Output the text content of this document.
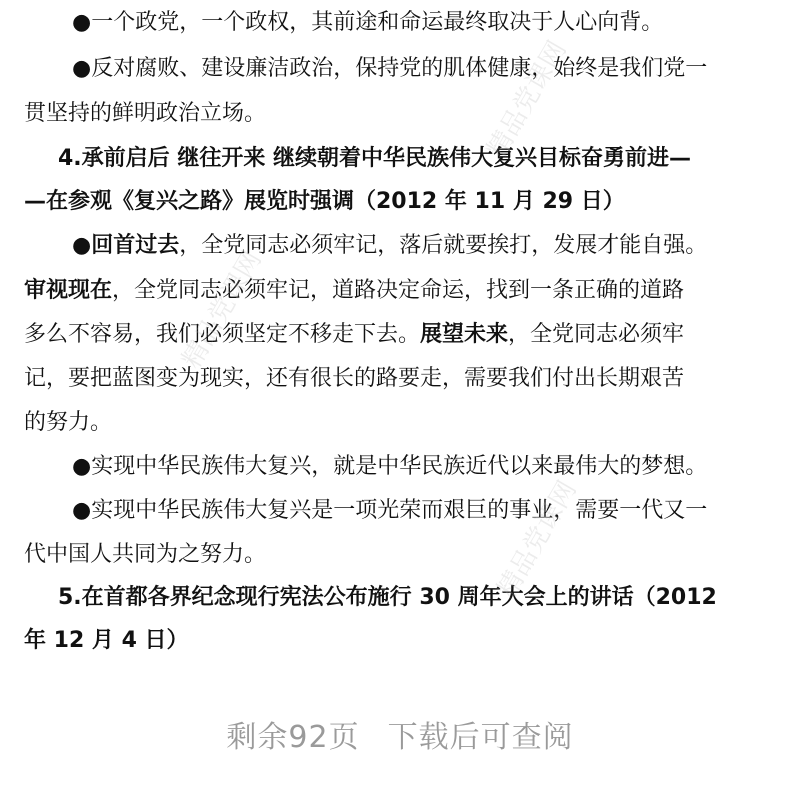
●一个政党，一个政权，其前途和命运最终取决于人心向背。
●反对腐败、建设廉洁政治，保持党的肌体健康，始终是我们党一
贯坚持的鲜明政治立场。
4.承前启后 继往开来 继续朝着中华民族伟大复兴目标奋勇前进—
—在参观《复兴之路》展览时强调（2012 年 11 月 29 日）
●回首过去，全党同志必须牢记，落后就要挨打，发展才能自强。
审视现在，全党同志必须牢记，道路决定命运，找到一条正确的道路
多么不容易，我们必须坚定不移走下去。展望未来，全党同志必须牢
记，要把蓝图变为现实，还有很长的路要走，需要我们付出长期艰苦
的努力。
●实现中华民族伟大复兴，就是中华民族近代以来最伟大的梦想。
●实现中华民族伟大复兴是一项光荣而艰巨的事业，需要一代又一
代中国人共同为之努力。
5.在首都各界纪念现行宪法公布施行 30 周年大会上的讲话（2012
年 12 月 4 日）
精品党课网
精品党课网
精品党课网
剩余92页 下载后可查阅
